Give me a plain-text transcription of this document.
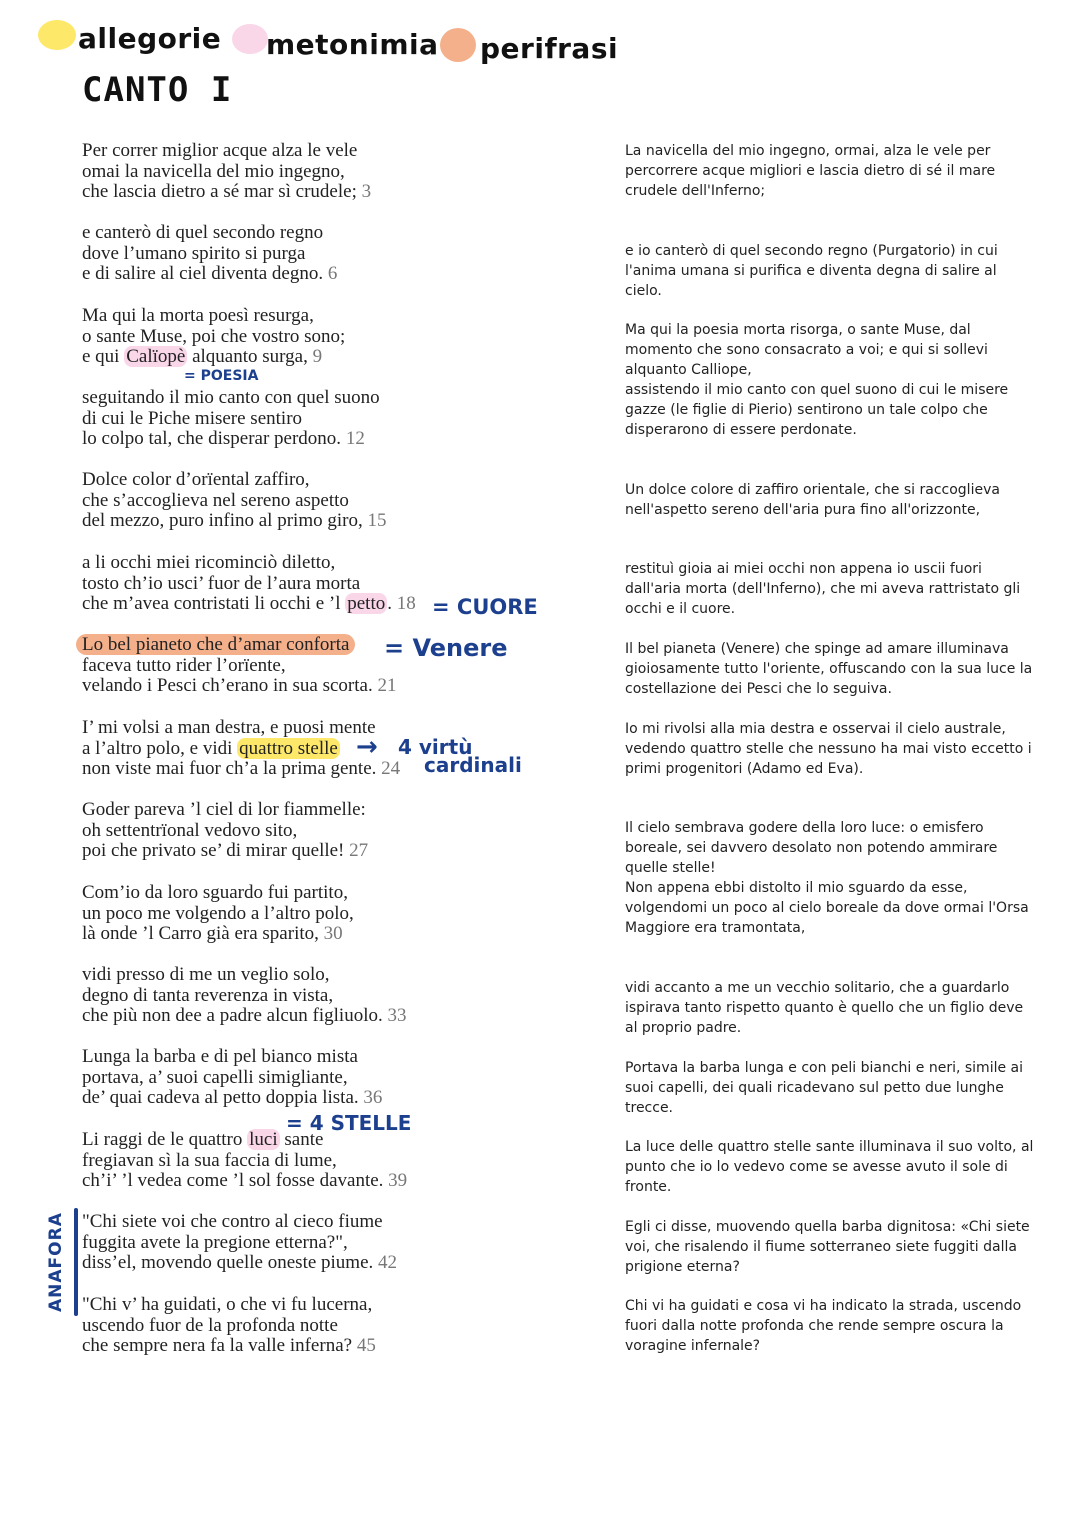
allegorie metonimia perifrasi
CANTO I
Per correr miglior acque alza le vele
omai la navicella del mio ingegno,
che lascia dietro a sé mar sì crudele; 3
e canterò di quel secondo regno
dove l’umano spirito si purga
e di salire al ciel diventa degno. 6
Ma qui la morta poesì resurga,
o sante Muse, poi che vostro sono;
e qui Calïopè alquanto surga, 9
seguitando il mio canto con quel suono
di cui le Piche misere sentiro
lo colpo tal, che disperar perdono. 12
Dolce color d’orïental zaffiro,
che s’accoglieva nel sereno aspetto
del mezzo, puro infino al primo giro, 15
a li occhi miei ricominciò diletto,
tosto ch’io usci’ fuor de l’aura morta
che m’avea contristati li occhi e ’l petto . 18
Lo bel pianeto che d’amar conforta
faceva tutto rider l’orïente,
velando i Pesci ch’erano in sua scorta. 21
I’ mi volsi a man destra, e puosi mente
a l’altro polo, e vidi quattro stelle
non viste mai fuor ch’a la prima gente. 24
Goder pareva ’l ciel di lor fiammelle:
oh settentrïonal vedovo sito,
poi che privato se’ di mirar quelle! 27
Com’io da loro sguardo fui partito,
un poco me volgendo a l’altro polo,
là onde ’l Carro già era sparito, 30
vidi presso di me un veglio solo,
degno di tanta reverenza in vista,
che più non dee a padre alcun figliuolo. 33
Lunga la barba e di pel bianco mista
portava, a’ suoi capelli simigliante,
de’ quai cadeva al petto doppia lista. 36
Li raggi de le quattro luci sante
fregiavan sì la sua faccia di lume,
ch’i’ ’l vedea come ’l sol fosse davante. 39
"Chi siete voi che contro al cieco fiume
fuggita avete la pregione etterna?",
diss’el, movendo quelle oneste piume. 42
"Chi v’ ha guidati, o che vi fu lucerna,
uscendo fuor de la profonda notte
che sempre nera fa la valle inferna? 45
La navicella del mio ingegno, ormai, alza le vele per percorrere acque migliori e lascia dietro di sé il mare crudele dell'Inferno;
e io canterò di quel secondo regno (Purgatorio) in cui l'anima umana si purifica e diventa degna di salire al cielo.
Ma qui la poesia morta risorga, o sante Muse, dal momento che sono consacrato a voi; e qui si sollevi alquanto Calliope,
assistendo il mio canto con quel suono di cui le misere gazze (le figlie di Pierio) sentirono un tale colpo che disperarono di essere perdonate.
Un dolce colore di zaffiro orientale, che si raccoglieva nell'aspetto sereno dell'aria pura fino all'orizzonte,
restituì gioia ai miei occhi non appena io uscii fuori dall'aria morta (dell'Inferno), che mi aveva rattristato gli occhi e il cuore.
Il bel pianeta (Venere) che spinge ad amare illuminava gioiosamente tutto l'oriente, offuscando con la sua luce la costellazione dei Pesci che lo seguiva.
Io mi rivolsi alla mia destra e osservai il cielo australe, vedendo quattro stelle che nessuno ha mai visto eccetto i primi progenitori (Adamo ed Eva).
Il cielo sembrava godere della loro luce: o emisfero boreale, sei davvero desolato non potendo ammirare quelle stelle!
Non appena ebbi distolto il mio sguardo da esse, volgendomi un poco al cielo boreale da dove ormai l'Orsa Maggiore era tramontata,
vidi accanto a me un vecchio solitario, che a guardarlo ispirava tanto rispetto quanto è quello che un figlio deve al proprio padre.
Portava la barba lunga e con peli bianchi e neri, simile ai suoi capelli, dei quali ricadevano sul petto due lunghe trecce.
La luce delle quattro stelle sante illuminava il suo volto, al punto che io lo vedevo come se avesse avuto il sole di fronte.
Egli ci disse, muovendo quella barba dignitosa: «Chi siete voi, che risalendo il fiume sotterraneo siete fuggiti dalla prigione eterna?
Chi vi ha guidati e cosa vi ha indicato la strada, uscendo fuori dalla notte profonda che rende sempre oscura la voragine infernale?
= POESIA
= CUORE
= Venere
→ 4 virtù
cardinali
= 4 STELLE
ANAFORA
